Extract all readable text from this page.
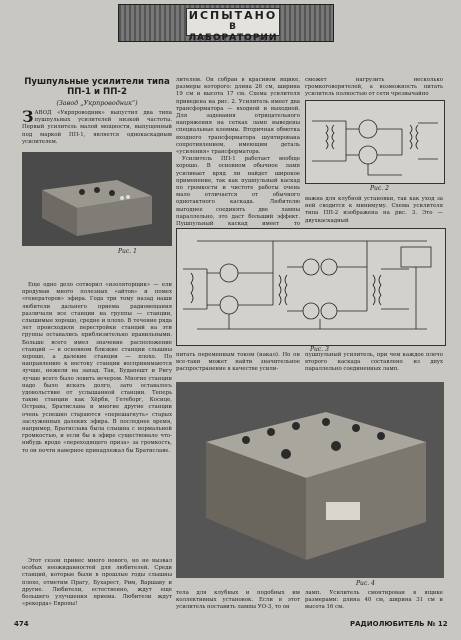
ИСПЫТАНО
В ЛАБОРАТОРИИ
Пушпульные усилители типа ПП-1 и ПП-2
(Завод „Укрпроводник“)

ЗАВОД «Укрпроводник» выпустил два типа пушпульных усилителей низкой частоты. Первый усилитель малой мощности, выпущенный под маркой ПП-1, является однокаскадным усилителем.

Рис. 1

лителем. Он собран в красивом ящике, размеры которого: длина 26 см, ширина 19 см и высота 17 см. Схема усилителя приведена на рис. 2. Усилитель имеет два трансформатора — входной и выходной. Для задевания отрицательного напряжения на сетках ламп выведены специальные клеммы. Вторичная обмотка входного трансформатора шунтирована сопротивлением, имеющим деталь «усиления» трансформатора.

Усилитель ПП-1 работает вообще хорошо. В основном обычное ламп усиливает вряд ли найдет широкое применение, так как пушпульный каскад по громкости и чистоте работы очень мало отличается от обычного однотактного каскада. Любителю выгоднее соединять две лампы параллельно, это даст больший эффект. Пушпульный каскад имеет то

сможет нагрузить несколько громкоговорителей, а возможность питать усилитель полностью от сети чрезвычайно

Рис. 2

важна для клубной установки, так как уход за ней сводится к минимуму. Схема усилителя типа ПП-2 изображена на рис. 3. Это — двухкаскадный

Рис. 3

Еще одно дело сотворил «изоляторщик» — ели продумав много полезных «айтов» и помех «генераторов» эфира. Года три тому назад наши любители дальнего приема радиовещания различали все станции на группы — станции, слышимые хорошо, средне и плохо. В течение ряда лет происходили перестройки станций на эти группы оставались приблизительно правильными. Больше всего имел значение расположение станций — в основном близкие станции слышны хорошо, а далекие станции — плохо. По направлению к востоку станции воспринимаются лучше, нежели на запад. Так, Будапешт и Ригу лучше всего было ловить вечером. Многие станции надо было искать долго, зато оставалось удовольствие от услышанной станции. Теперь такие станции как Хёрби, Гетеборг, Косице, Острава, Братислава и многие другие станции очень успешно стараются «перешагнуть» старых заслуженных далеких эфира. В последнее время, например, Братислава была слышна с нормальной громкостью, и если бы в эфире существовало что-нибудь вроде «переходящего приза» за громкость, то он почти наверное принадлежал бы Братиславе.

Этот сезон принес много нового, но не вызвал особых неожиданностей для любителей. Среди станций, которые были в прошлые годы слышны плохо, отметим Прагу, Бухарест, Рим, Варшаву и другие. Любители, естественно, ждут еще большего улучшения приема. Любители ждут «рекорда» Европы!

питать переменным током (накал). Но он все-таки может найти значительное распространение в качестве усили-

пушпульный усилитель, при чем каждое плечо второго каскада составлено из двух параллельно соединенных ламп.

Рис. 4

тела для клубных и подобных им коллективных установок. Если в этот усилитель поставить лампы УО-3, то он

ламп. Усилитель смонтирован в ящике размерами: длина 40 см, ширина 31 см и высота 16 см.

474	РАДИОЛЮБИТЕЛЬ № 12
